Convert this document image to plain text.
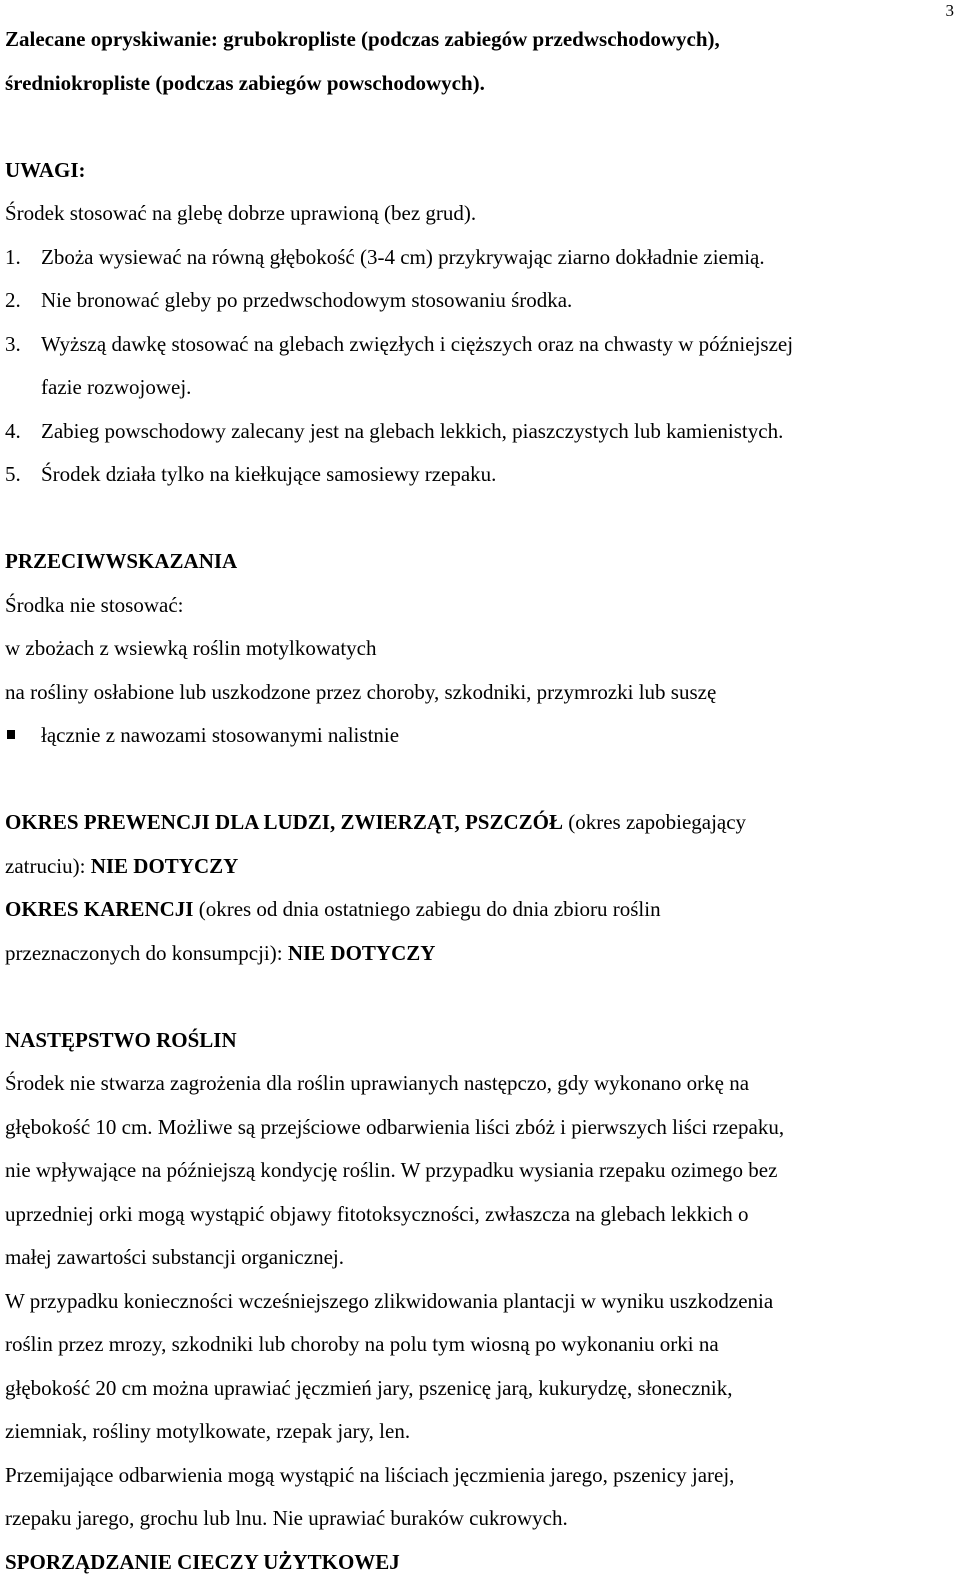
3
Zalecane opryskiwanie: grubokropliste (podczas zabiegów przedwschodowych),
średniokropliste (podczas zabiegów powschodowych).
UWAGI:
Środek stosować na glebę dobrze uprawioną (bez grud).
1. Zboża wysiewać na równą głębokość (3-4 cm) przykrywając ziarno dokładnie ziemią.
2. Nie bronować gleby po przedwschodowym stosowaniu środka.
3. Wyższą dawkę stosować na glebach zwięzłych i cięższych oraz na chwasty w późniejszej
fazie rozwojowej.
4. Zabieg powschodowy zalecany jest na glebach lekkich, piaszczystych lub kamienistych.
5. Środek działa tylko na kiełkujące samosiewy rzepaku.
PRZECIWWSKAZANIA
Środka nie stosować:
w zbożach z wsiewką roślin motylkowatych
na rośliny osłabione lub uszkodzone przez choroby, szkodniki, przymrozki lub suszę
łącznie z nawozami stosowanymi nalistnie
OKRES PREWENCJI DLA LUDZI, ZWIERZĄT, PSZCZÓŁ (okres zapobiegający
zatruciu): NIE DOTYCZY
OKRES KARENCJI (okres od dnia ostatniego zabiegu do dnia zbioru roślin
przeznaczonych do konsumpcji): NIE DOTYCZY
NASTĘPSTWO ROŚLIN
Środek nie stwarza zagrożenia dla roślin uprawianych następczo, gdy wykonano orkę na
głębokość 10 cm. Możliwe są przejściowe odbarwienia liści zbóż i pierwszych liści rzepaku,
nie wpływające na późniejszą kondycję roślin. W przypadku wysiania rzepaku ozimego bez
uprzedniej orki mogą wystąpić objawy fitotoksyczności, zwłaszcza na glebach lekkich o
małej zawartości substancji organicznej.
W przypadku konieczności wcześniejszego zlikwidowania plantacji w wyniku uszkodzenia
roślin przez mrozy, szkodniki lub choroby na polu tym wiosną po wykonaniu orki na
głębokość 20 cm można uprawiać jęczmień jary, pszenicę jarą, kukurydzę, słonecznik,
ziemniak, rośliny motylkowate, rzepak jary, len.
Przemijające odbarwienia mogą wystąpić na liściach jęczmienia jarego, pszenicy jarej,
rzepaku jarego, grochu lub lnu. Nie uprawiać buraków cukrowych.
SPORZĄDZANIE CIECZY UŻYTKOWEJ
